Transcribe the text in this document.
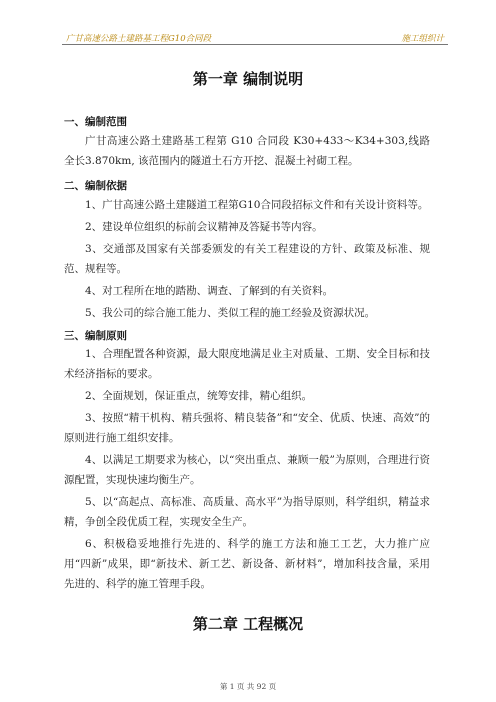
广甘高速公路土建路基工程G10合同段	施工组织计
第一章 编制说明
一、编制范围
广甘高速公路土建路基工程第 G10 合同段 K30+433～K34+303,线路全长3.870km, 该范围内的隧道土石方开挖、混凝土衬砌工程。
二、编制依据
1、广甘高速公路土建隧道工程第G10合同段招标文件和有关设计资料等。
2、建设单位组织的标前会议精神及答疑书等内容。
3、交通部及国家有关部委颁发的有关工程建设的方针、政策及标准、规范、规程等。
4、对工程所在地的踏勘、调查、了解到的有关资料。
5、我公司的综合施工能力、类似工程的施工经验及资源状况。
三、编制原则
1、合理配置各种资源，最大限度地满足业主对质量、工期、安全目标和技术经济指标的要求。
2、全面规划，保证重点，统筹安排，精心组织。
3、按照“精干机构、精兵强将、精良装备”和“安全、优质、快速、高效”的原则进行施工组织安排。
4、以满足工期要求为核心，以“突出重点、兼顾一般”为原则，合理进行资源配置，实现快速均衡生产。
5、以“高起点、高标准、高质量、高水平”为指导原则，科学组织，精益求精，争创全段优质工程，实现安全生产。
6、积极稳妥地推行先进的、科学的施工方法和施工工艺，大力推广应用“四新”成果，即“新技术、新工艺、新设备、新材料”，增加科技含量，采用先进的、科学的施工管理手段。
第二章 工程概况
第 1 页 共 92 页
